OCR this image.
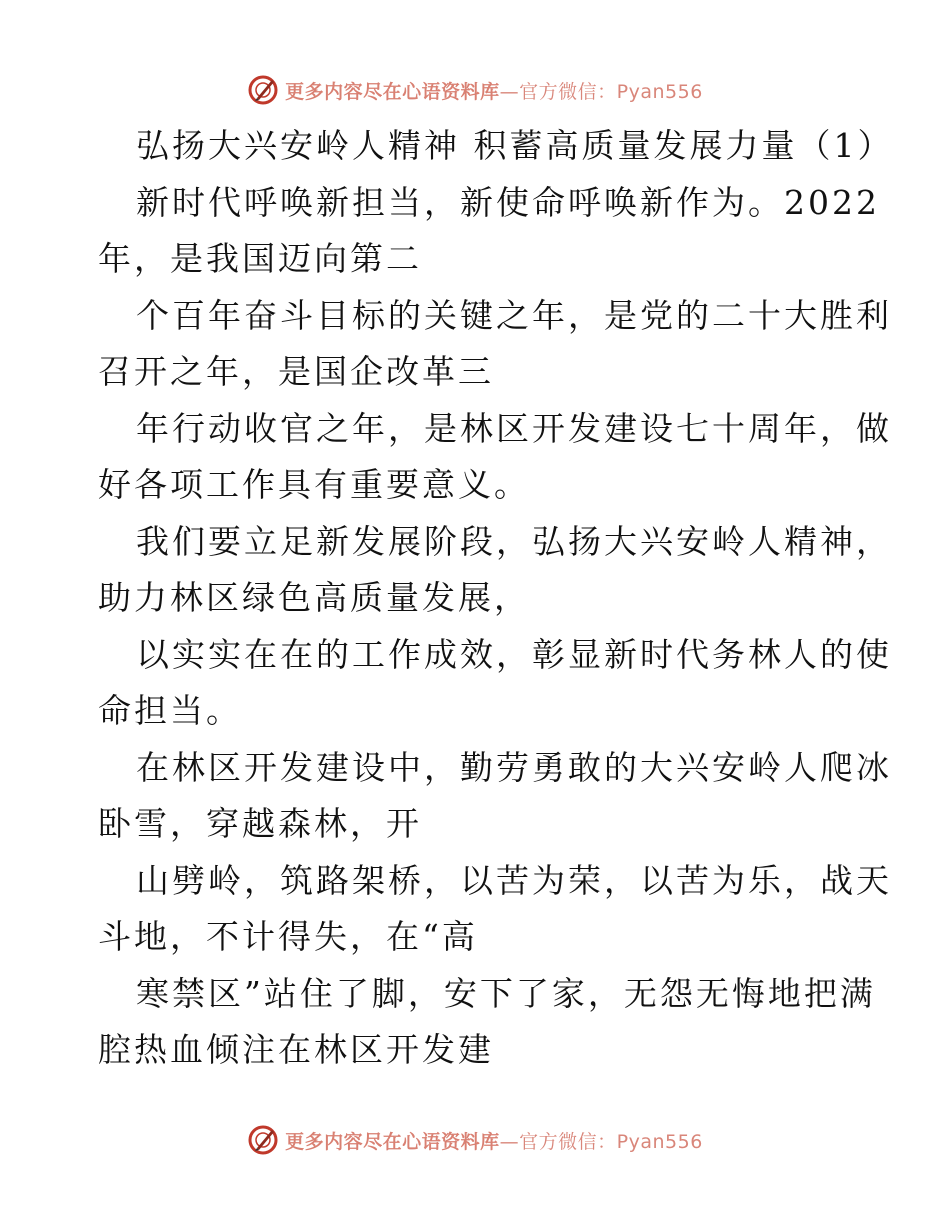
更多内容尽在心语资料库—官方微信：Pyan556
弘扬大兴安岭人精神 积蓄高质量发展力量（1）
新时代呼唤新担当，新使命呼唤新作为。2022
年，是我国迈向第二
个百年奋斗目标的关键之年，是党的二十大胜利
召开之年，是国企改革三
年行动收官之年，是林区开发建设七十周年，做
好各项工作具有重要意义。
我们要立足新发展阶段，弘扬大兴安岭人精神，
助力林区绿色高质量发展，
以实实在在的工作成效，彰显新时代务林人的使
命担当。
在林区开发建设中，勤劳勇敢的大兴安岭人爬冰
卧雪，穿越森林，开
山劈岭，筑路架桥，以苦为荣，以苦为乐，战天
斗地，不计得失，在“高
寒禁区”站住了脚，安下了家，无怨无悔地把满
腔热血倾注在林区开发建
更多内容尽在心语资料库—官方微信：Pyan556
